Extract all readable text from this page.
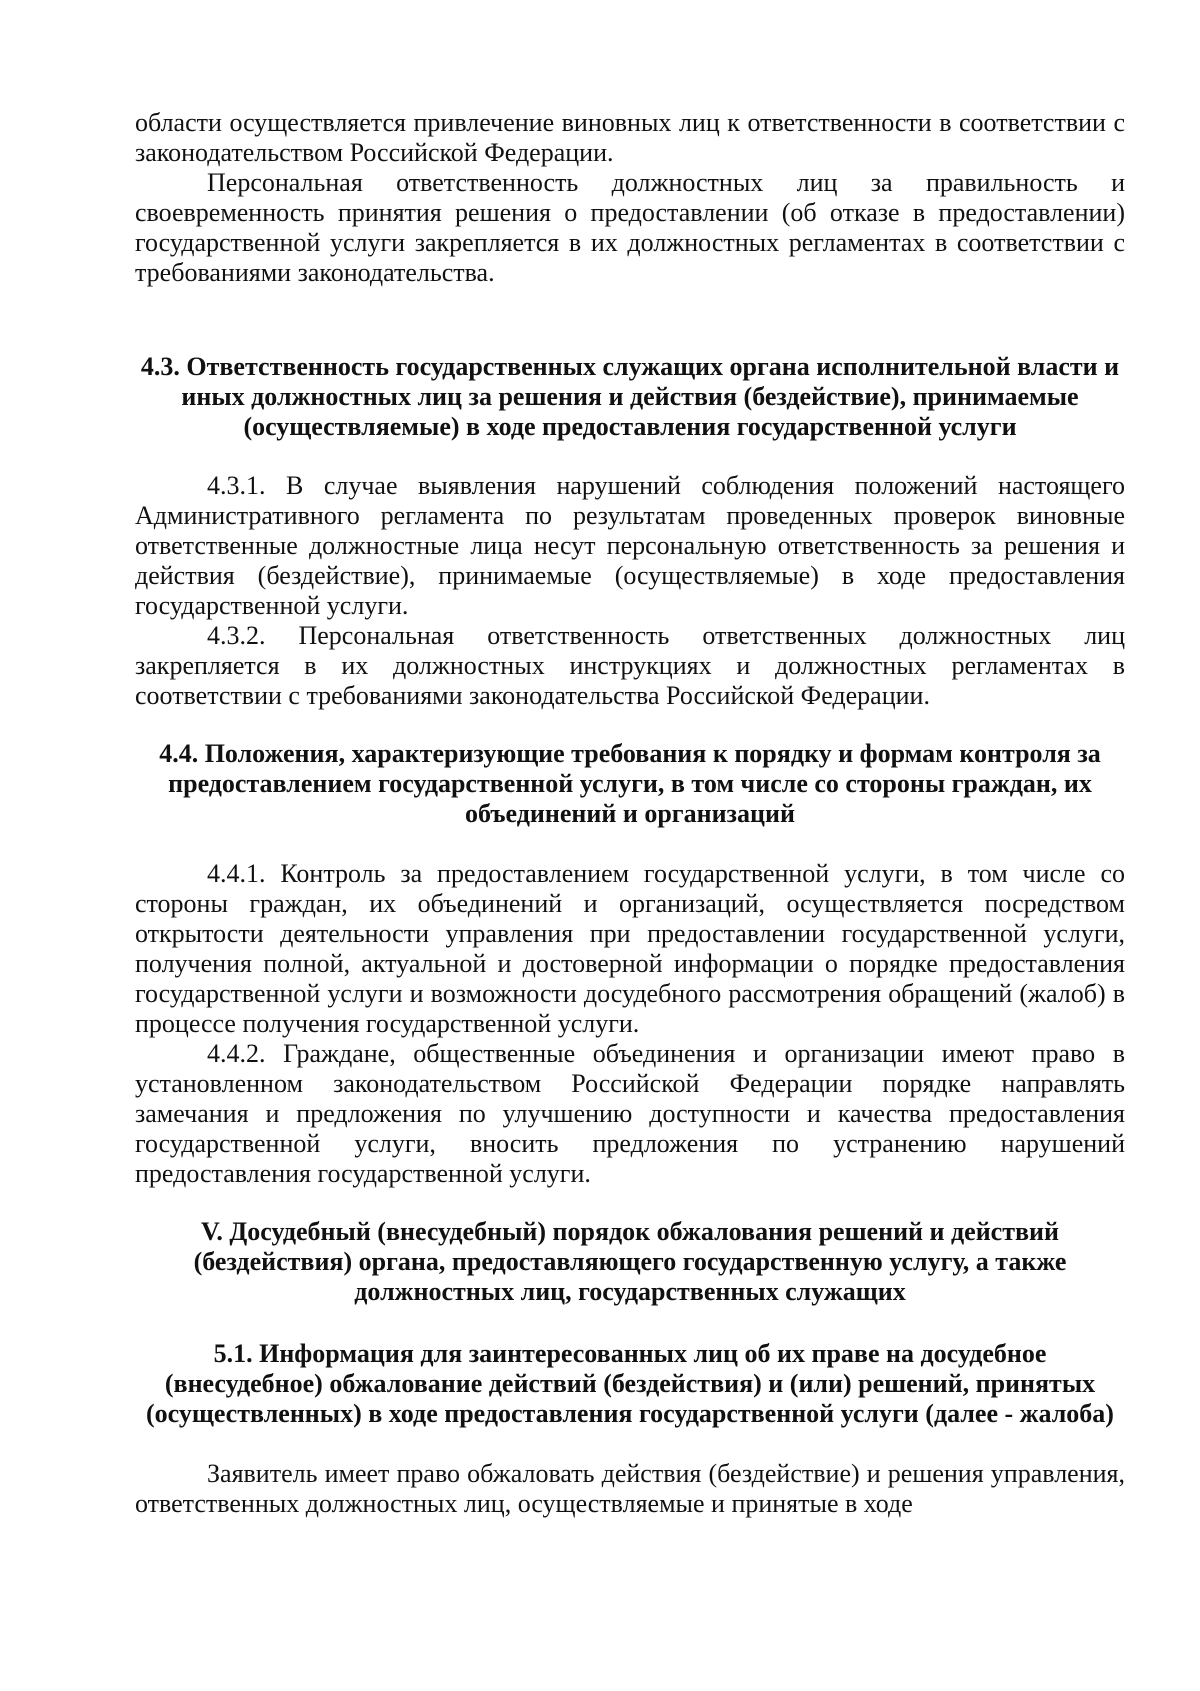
области осуществляется привлечение виновных лиц к ответственности в соответствии с законодательством Российской Федерации.

Персональная ответственность должностных лиц за правильность и своевременность принятия решения о предоставлении (об отказе в предоставлении) государственной услуги закрепляется в их должностных регламентах в соответствии с требованиями законодательства.

4.3. Ответственность государственных служащих органа исполнительной власти и иных должностных лиц за решения и действия (бездействие), принимаемые (осуществляемые) в ходе предоставления государственной услуги

4.3.1. В случае выявления нарушений соблюдения положений настоящего Административного регламента по результатам проведенных проверок виновные ответственные должностные лица несут персональную ответственность за решения и действия (бездействие), принимаемые (осуществляемые) в ходе предоставления государственной услуги.

4.3.2. Персональная ответственность ответственных должностных лиц закрепляется в их должностных инструкциях и должностных регламентах в соответствии с требованиями законодательства Российской Федерации.

4.4. Положения, характеризующие требования к порядку и формам контроля за предоставлением государственной услуги, в том числе со стороны граждан, их объединений и организаций

4.4.1. Контроль за предоставлением государственной услуги, в том числе со стороны граждан, их объединений и организаций, осуществляется посредством открытости деятельности управления при предоставлении государственной услуги, получения полной, актуальной и достоверной информации о порядке предоставления государственной услуги и возможности досудебного рассмотрения обращений (жалоб) в процессе получения государственной услуги.

4.4.2. Граждане, общественные объединения и организации имеют право в установленном законодательством Российской Федерации порядке направлять замечания и предложения по улучшению доступности и качества предоставления государственной услуги, вносить предложения по устранению нарушений предоставления государственной услуги.

V. Досудебный (внесудебный) порядок обжалования решений и действий (бездействия) органа, предоставляющего государственную услугу, а также должностных лиц, государственных служащих
5.1. Информация для заинтересованных лиц об их праве на досудебное (внесудебное) обжалование действий (бездействия) и (или) решений, принятых (осуществленных) в ходе предоставления государственной услуги (далее - жалоба)

Заявитель имеет право обжаловать действия (бездействие) и решения управления, ответственных должностных лиц, осуществляемые и принятые в ходе
